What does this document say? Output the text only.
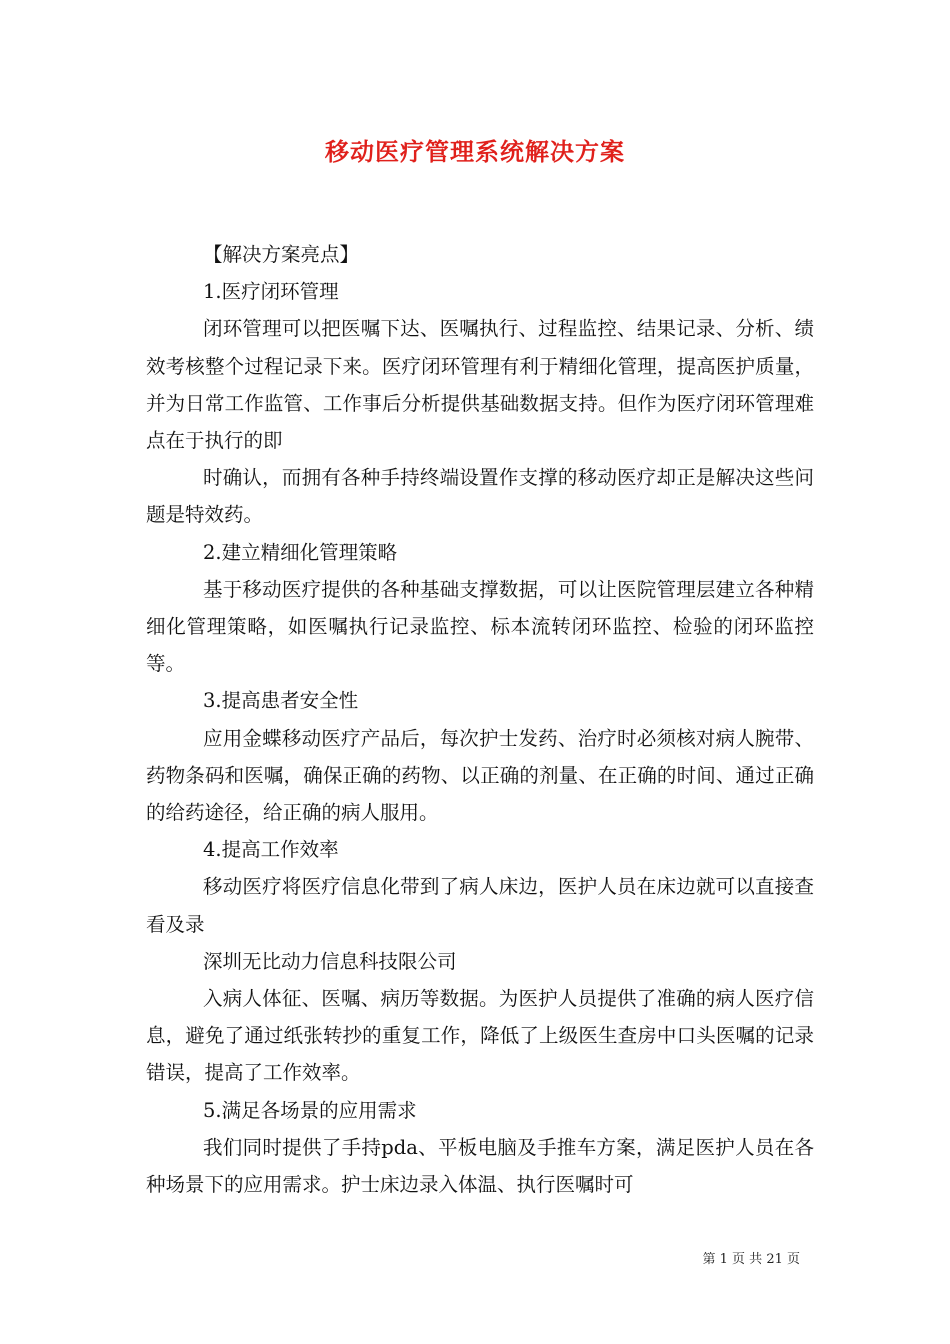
移动医疗管理系统解决方案

【解决方案亮点】

1.医疗闭环管理

闭环管理可以把医嘱下达、医嘱执行、过程监控、结果记录、分析、绩效考核整个过程记录下来。医疗闭环管理有利于精细化管理，提高医护质量，并为日常工作监管、工作事后分析提供基础数据支持。但作为医疗闭环管理难点在于执行的即

时确认，而拥有各种手持终端设置作支撑的移动医疗却正是解决这些问题是特效药。

2.建立精细化管理策略

基于移动医疗提供的各种基础支撑数据，可以让医院管理层建立各种精细化管理策略，如医嘱执行记录监控、标本流转闭环监控、检验的闭环监控等。

3.提高患者安全性

应用金蝶移动医疗产品后，每次护士发药、治疗时必须核对病人腕带、药物条码和医嘱，确保正确的药物、以正确的剂量、在正确的时间、通过正确的给药途径，给正确的病人服用。

4.提高工作效率

移动医疗将医疗信息化带到了病人床边，医护人员在床边就可以直接查看及录

深圳无比动力信息科技限公司

入病人体征、医嘱、病历等数据。为医护人员提供了准确的病人医疗信息，避免了通过纸张转抄的重复工作，降低了上级医生查房中口头医嘱的记录错误，提高了工作效率。

5.满足各场景的应用需求

我们同时提供了手持pda、平板电脑及手推车方案，满足医护人员在各种场景下的应用需求。护士床边录入体温、执行医嘱时可

第 1 页 共 21 页
